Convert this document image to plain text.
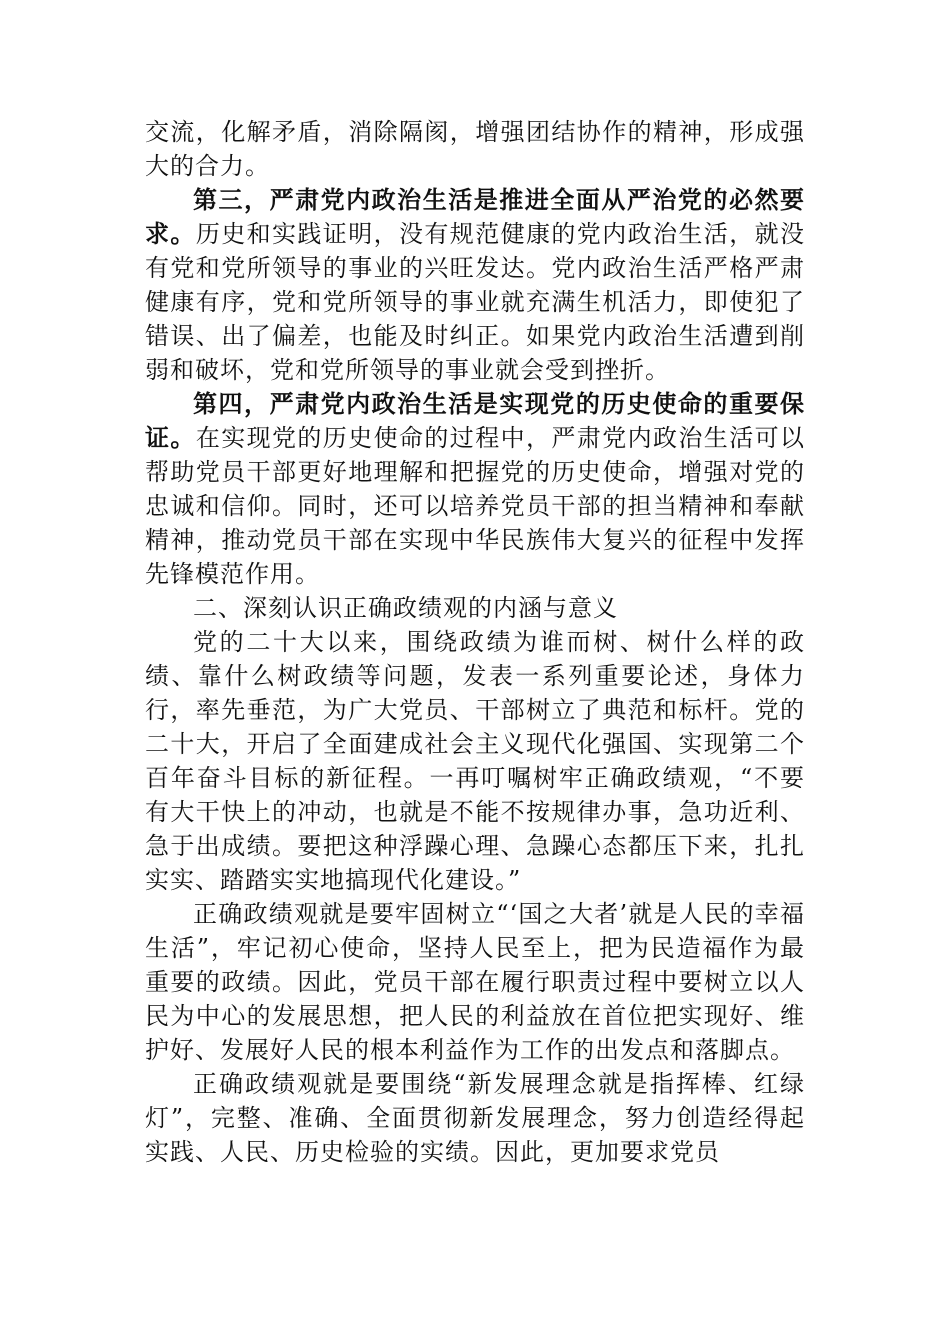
交流，化解矛盾，消除隔阂，增强团结协作的精神，形成强大的合力。

第三，严肃党内政治生活是推进全面从严治党的必然要求。历史和实践证明，没有规范健康的党内政治生活，就没有党和党所领导的事业的兴旺发达。党内政治生活严格严肃健康有序，党和党所领导的事业就充满生机活力，即使犯了错误、出了偏差，也能及时纠正。如果党内政治生活遭到削弱和破坏，党和党所领导的事业就会受到挫折。

第四，严肃党内政治生活是实现党的历史使命的重要保证。在实现党的历史使命的过程中，严肃党内政治生活可以帮助党员干部更好地理解和把握党的历史使命，增强对党的忠诚和信仰。同时，还可以培养党员干部的担当精神和奉献精神，推动党员干部在实现中华民族伟大复兴的征程中发挥先锋模范作用。

二、深刻认识正确政绩观的内涵与意义

党的二十大以来，围绕政绩为谁而树、树什么样的政绩、靠什么树政绩等问题，发表一系列重要论述，身体力行，率先垂范，为广大党员、干部树立了典范和标杆。党的二十大，开启了全面建成社会主义现代化强国、实现第二个百年奋斗目标的新征程。一再叮嘱树牢正确政绩观，“不要有大干快上的冲动，也就是不能不按规律办事，急功近利、急于出成绩。要把这种浮躁心理、急躁心态都压下来，扎扎实实、踏踏实实地搞现代化建设。”

正确政绩观就是要牢固树立“‘国之大者’就是人民的幸福生活”，牢记初心使命，坚持人民至上，把为民造福作为最重要的政绩。因此，党员干部在履行职责过程中要树立以人民为中心的发展思想，把人民的利益放在首位把实现好、维护好、发展好人民的根本利益作为工作的出发点和落脚点。

正确政绩观就是要围绕“新发展理念就是指挥棒、红绿灯”，完整、准确、全面贯彻新发展理念，努力创造经得起实践、人民、历史检验的实绩。因此，更加要求党员
